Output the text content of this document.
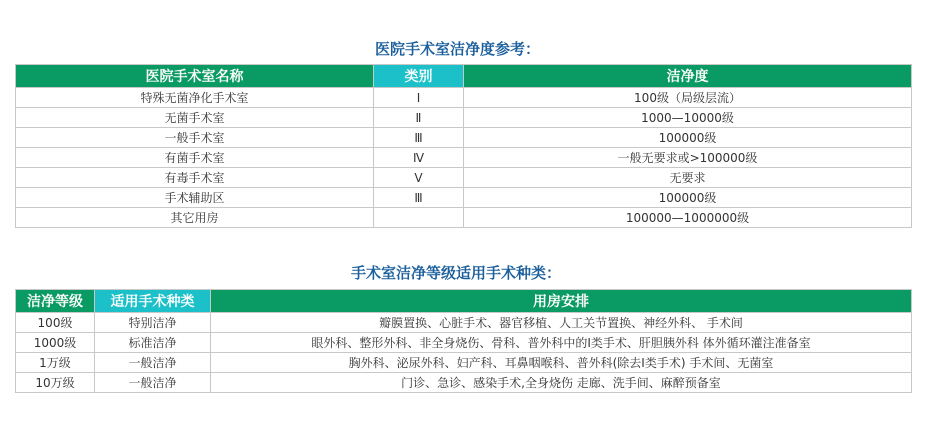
医院手术室洁净度参考：
医院手术室名称	类别	洁净度
特殊无菌净化手术室	Ⅰ	100级（局级层流）
无菌手术室	Ⅱ	1000—10000级
一般手术室	Ⅲ	100000级
有菌手术室	Ⅳ	一般无要求或>100000级
有毒手术室	Ⅴ	无要求
手术辅助区	Ⅲ	100000级
其它用房		100000—1000000级
手术室洁净等级适用手术种类：
洁净等级	适用手术种类	用房安排
100级	特别洁净	瓣膜置换、心脏手术、器官移植、人工关节置换、神经外科、 手术间
1000级	标准洁净	眼外科、整形外科、非全身烧伤、骨科、普外科中的I类手术、肝胆胰外科 体外循环灌注准备室
1万级	一般洁净	胸外科、泌尿外科、妇产科、耳鼻咽喉科、普外科(除去I类手术) 手术间、无菌室
10万级	一般洁净	门诊、急诊、感染手术,全身烧伤 走廊、洗手间、麻醉预备室
